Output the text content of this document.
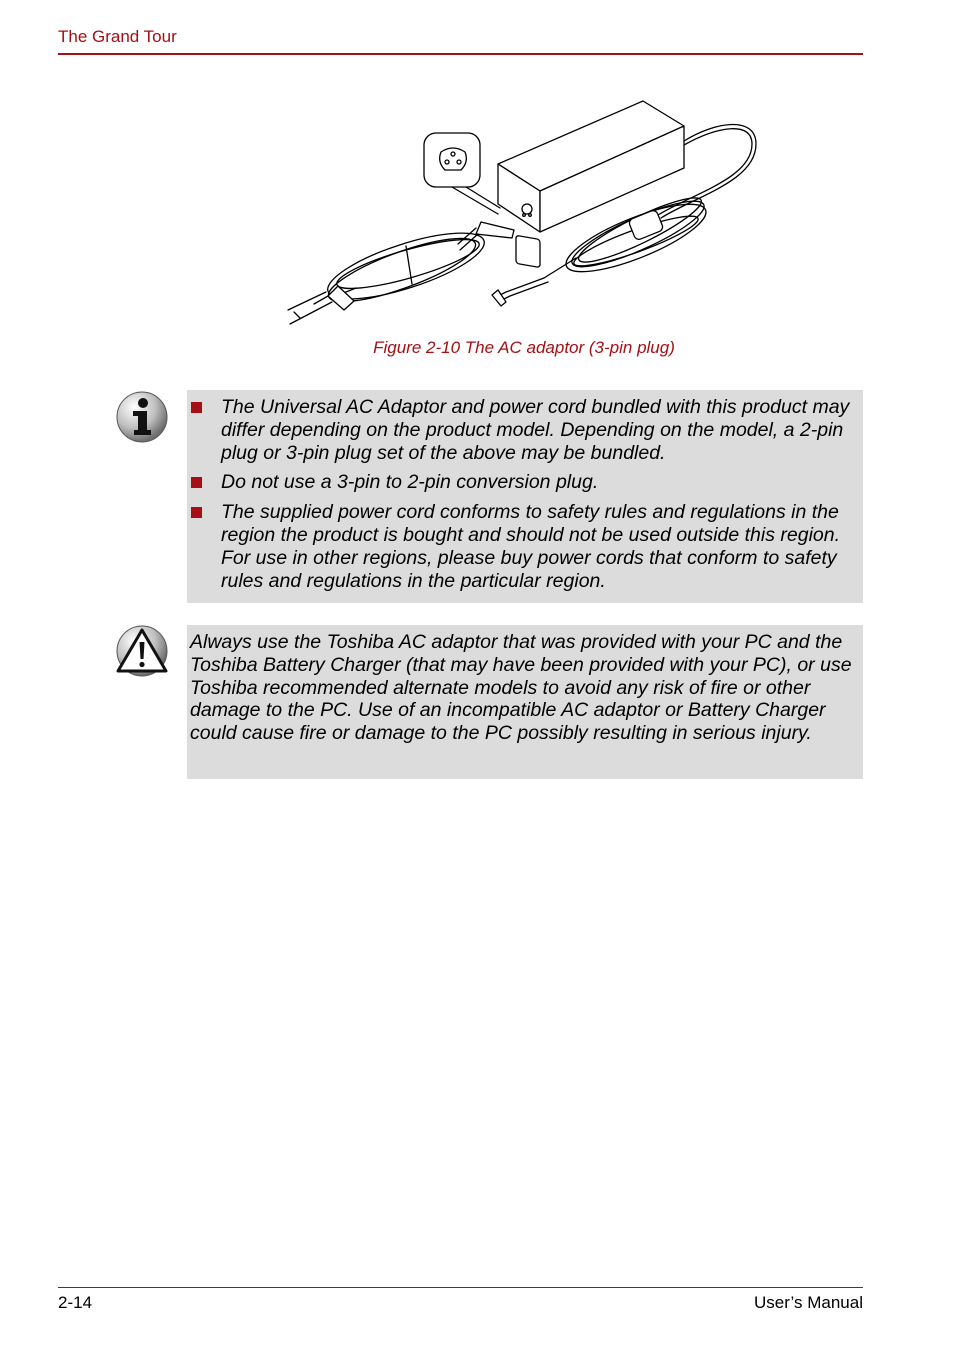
The Grand Tour
Figure 2-10 The AC adaptor (3-pin plug)
The Universal AC Adaptor and power cord bundled with this product may differ depending on the product model. Depending on the model, a 2-pin plug or 3-pin plug set of the above may be bundled.
Do not use a 3-pin to 2-pin conversion plug.
The supplied power cord conforms to safety rules and regulations in the region the product is bought and should not be used outside this region. For use in other regions, please buy power cords that conform to safety rules and regulations in the particular region.

Always use the Toshiba AC adaptor that was provided with your PC and the Toshiba Battery Charger (that may have been provided with your PC), or use Toshiba recommended alternate models to avoid any risk of fire or other damage to the PC. Use of an incompatible AC adaptor or Battery Charger could cause fire or damage to the PC possibly resulting in serious injury.

2-14	User’s Manual
